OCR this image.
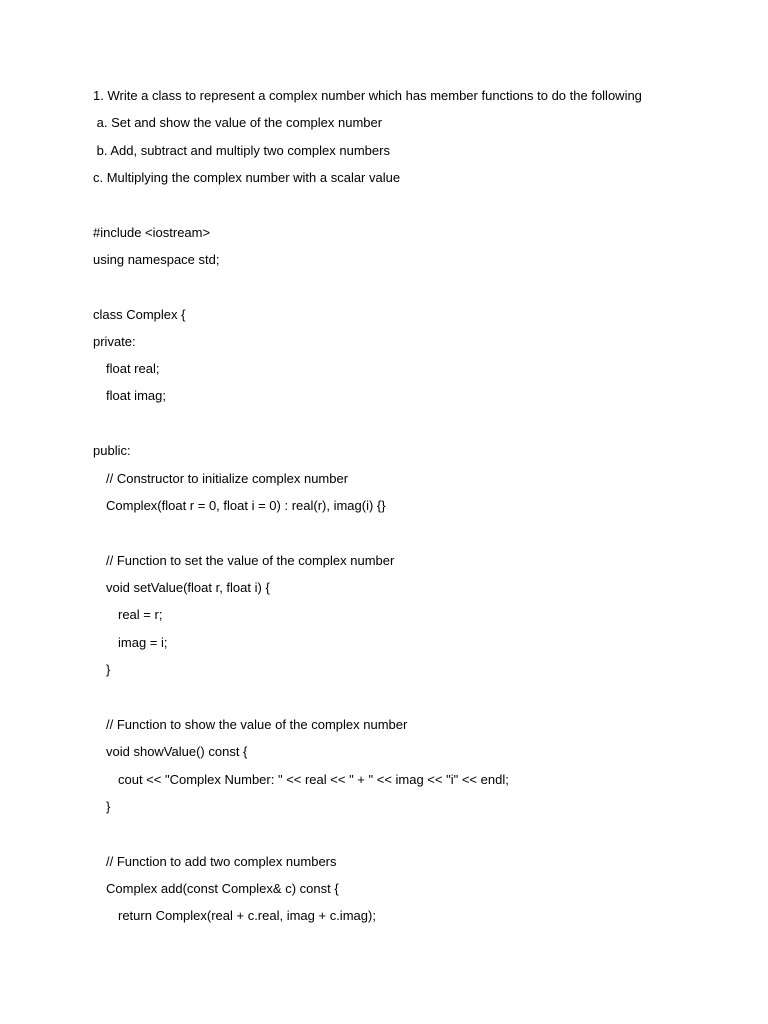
1. Write a class to represent a complex number which has member functions to do the following
a. Set and show the value of the complex number
b. Add, subtract and multiply two complex numbers
c. Multiplying the complex number with a scalar value
#include <iostream>
using namespace std;
class Complex {
private:
float real;
float imag;
public:
// Constructor to initialize complex number
Complex(float r = 0, float i = 0) : real(r), imag(i) {}
// Function to set the value of the complex number
void setValue(float r, float i) {
real = r;
imag = i;
}
// Function to show the value of the complex number
void showValue() const {
cout << "Complex Number: " << real << " + " << imag << "i" << endl;
}
// Function to add two complex numbers
Complex add(const Complex& c) const {
return Complex(real + c.real, imag + c.imag);
